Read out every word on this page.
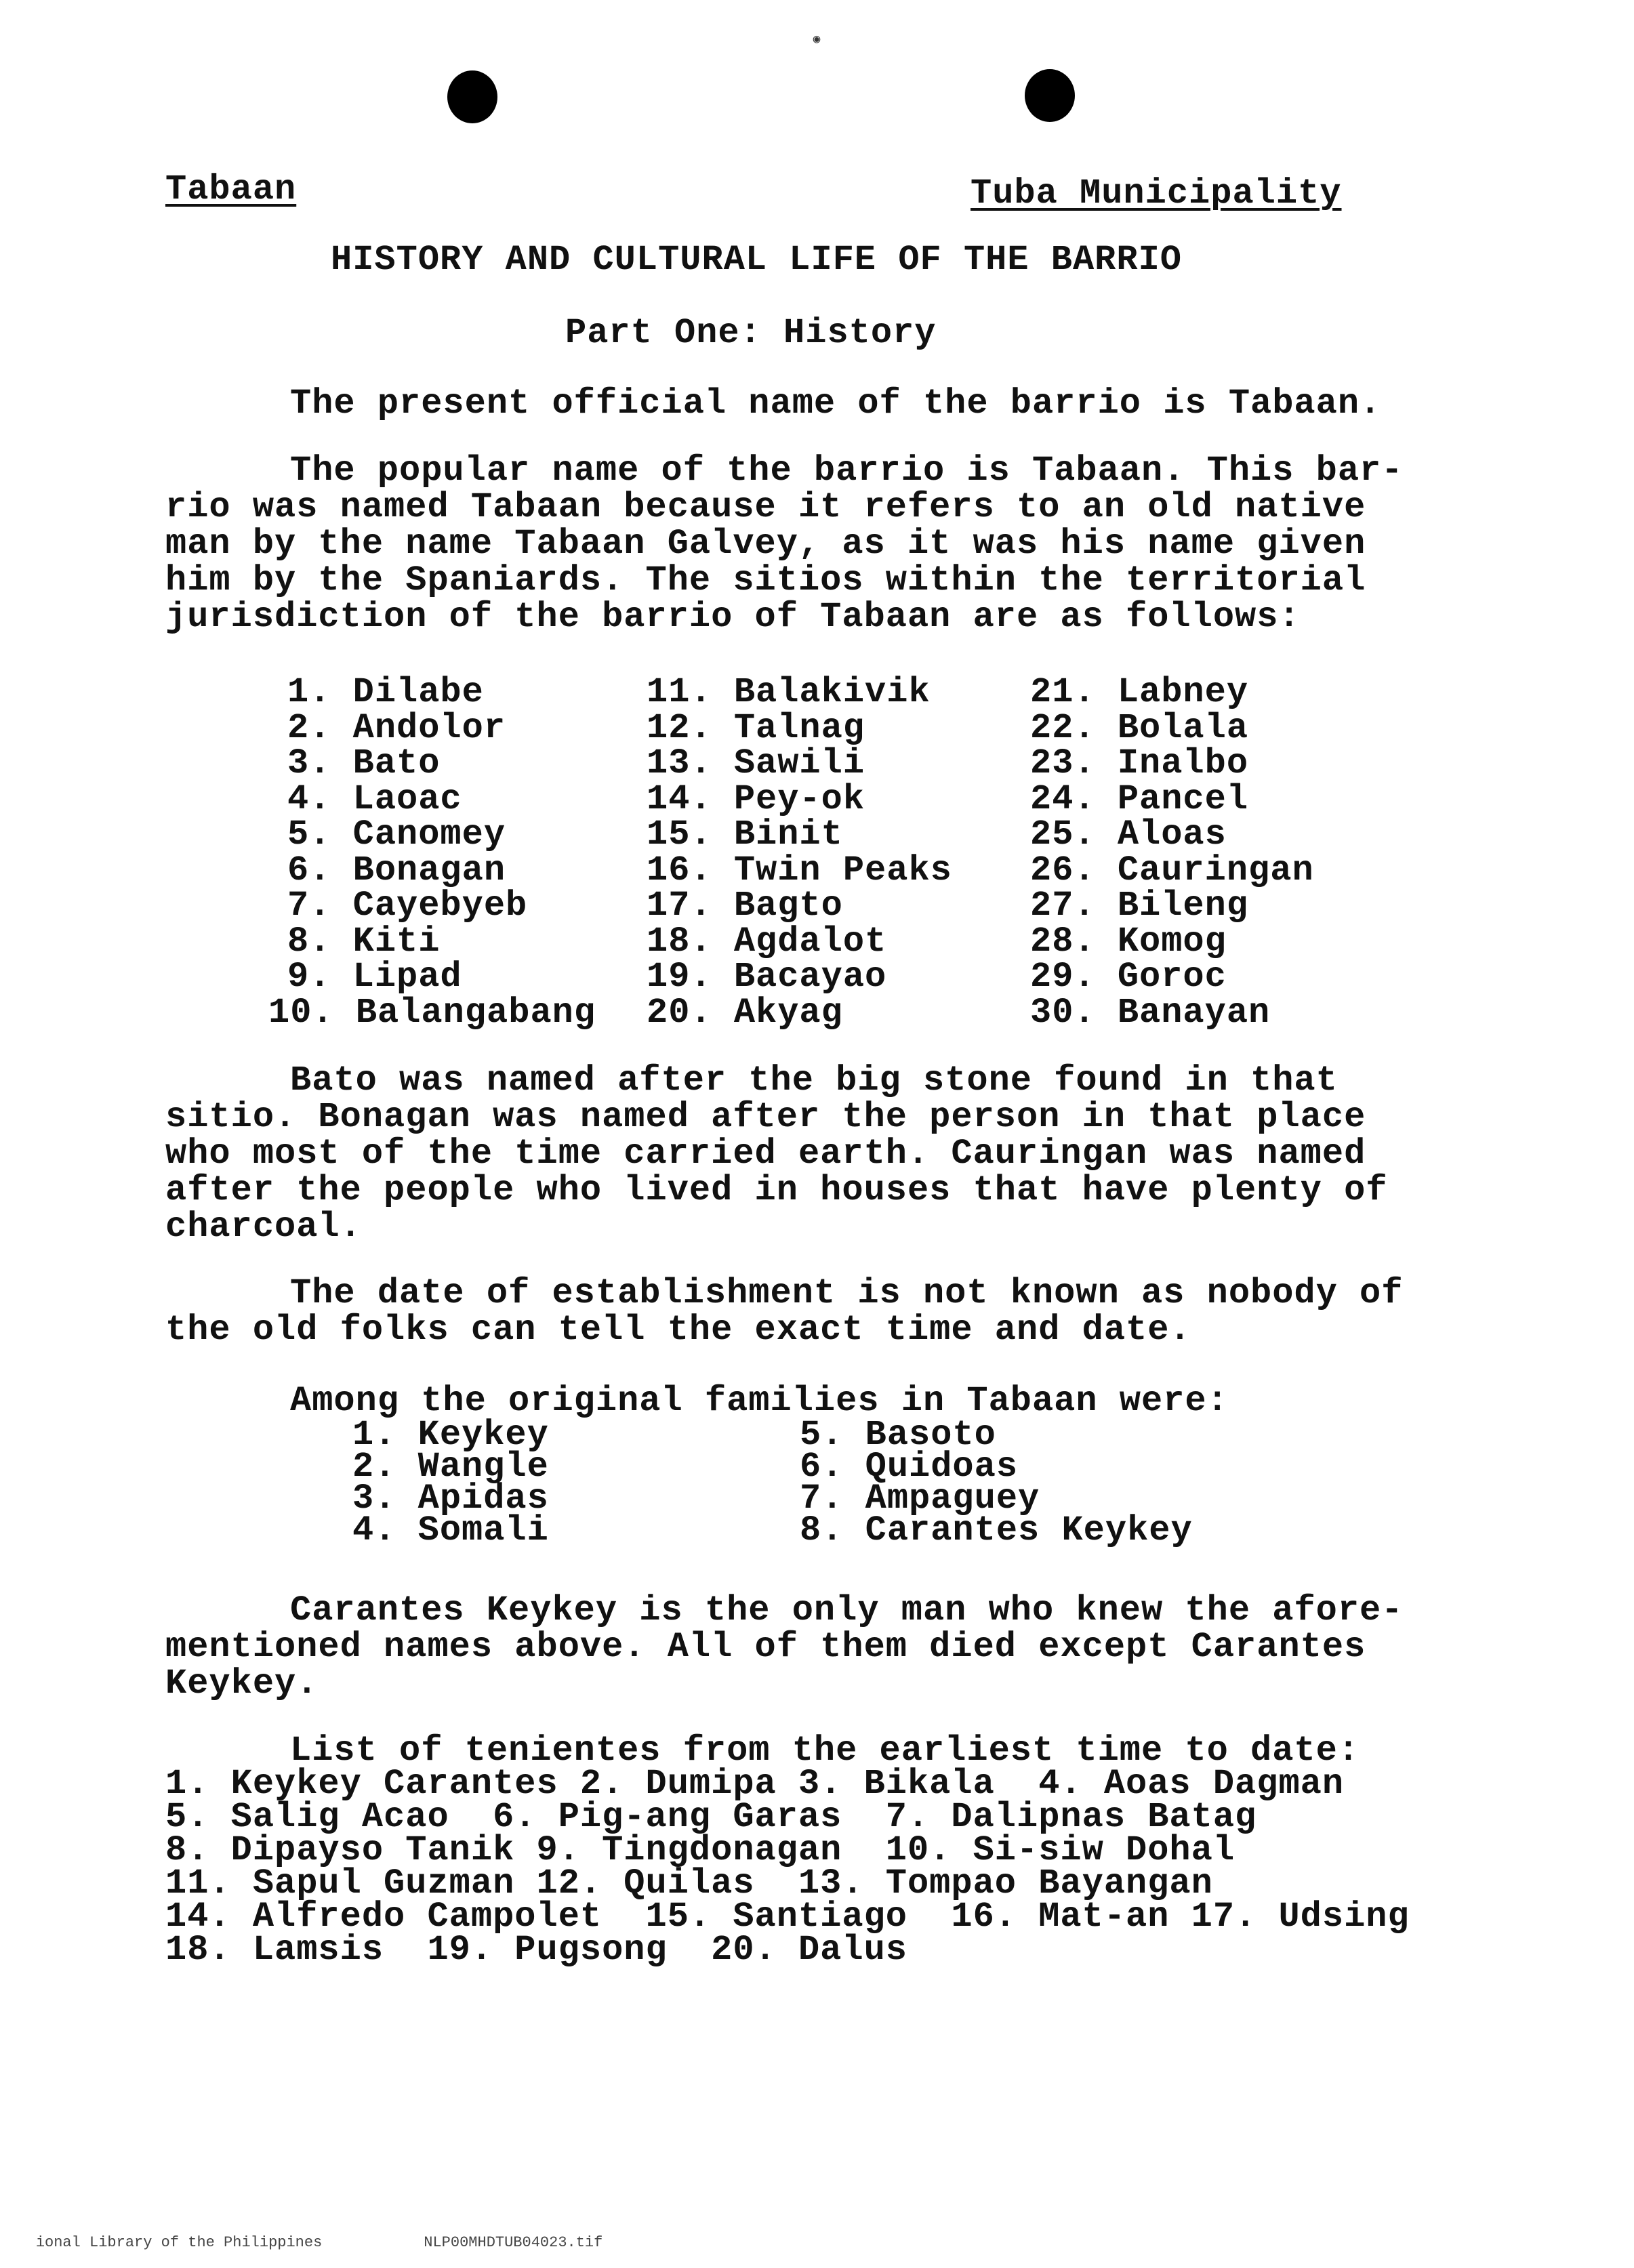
◉
Tabaan	Tuba Municipality
HISTORY AND CULTURAL LIFE OF THE BARRIO
Part One: History
The present official name of the barrio is Tabaan.
The popular name of the barrio is Tabaan. This bar-
rio was named Tabaan because it refers to an old native
man by the name Tabaan Galvey, as it was his name given
him by the Spaniards. The sitios within the territorial
jurisdiction of the barrio of Tabaan are as follows:
1. Dilabe
2. Andolor
3. Bato
4. Laoac
5. Canomey
6. Bonagan
7. Cayebyeb
8. Kiti
9. Lipad
10. Balangabang
11. Balakivik
12. Talnag
13. Sawili
14. Pey-ok
15. Binit
16. Twin Peaks
17. Bagto
18. Agdalot
19. Bacayao
20. Akyag
21. Labney
22. Bolala
23. Inalbo
24. Pancel
25. Aloas
26. Cauringan
27. Bileng
28. Komog
29. Goroc
30. Banayan
Bato was named after the big stone found in that
sitio. Bonagan was named after the person in that place
who most of the time carried earth. Cauringan was named
after the people who lived in houses that have plenty of
charcoal.
The date of establishment is not known as nobody of
the old folks can tell the exact time and date.
Among the original families in Tabaan were:
1. Keykey
2. Wangle
3. Apidas
4. Somali
5. Basoto
6. Quidoas
7. Ampaguey
8. Carantes Keykey
Carantes Keykey is the only man who knew the afore-
mentioned names above. All of them died except Carantes
Keykey.
List of tenientes from the earliest time to date:
1. Keykey Carantes 2. Dumipa 3. Bikala  4. Aoas Dagman
5. Salig Acao  6. Pig-ang Garas  7. Dalipnas Batag
8. Dipayso Tanik 9. Tingdonagan  10. Si-siw Dohal
11. Sapul Guzman 12. Quilas  13. Tompao Bayangan
14. Alfredo Campolet  15. Santiago  16. Mat-an 17. Udsing
18. Lamsis  19. Pugsong  20. Dalus

ional Library of the Philippines	NLP00MHDTUB04023.tif
